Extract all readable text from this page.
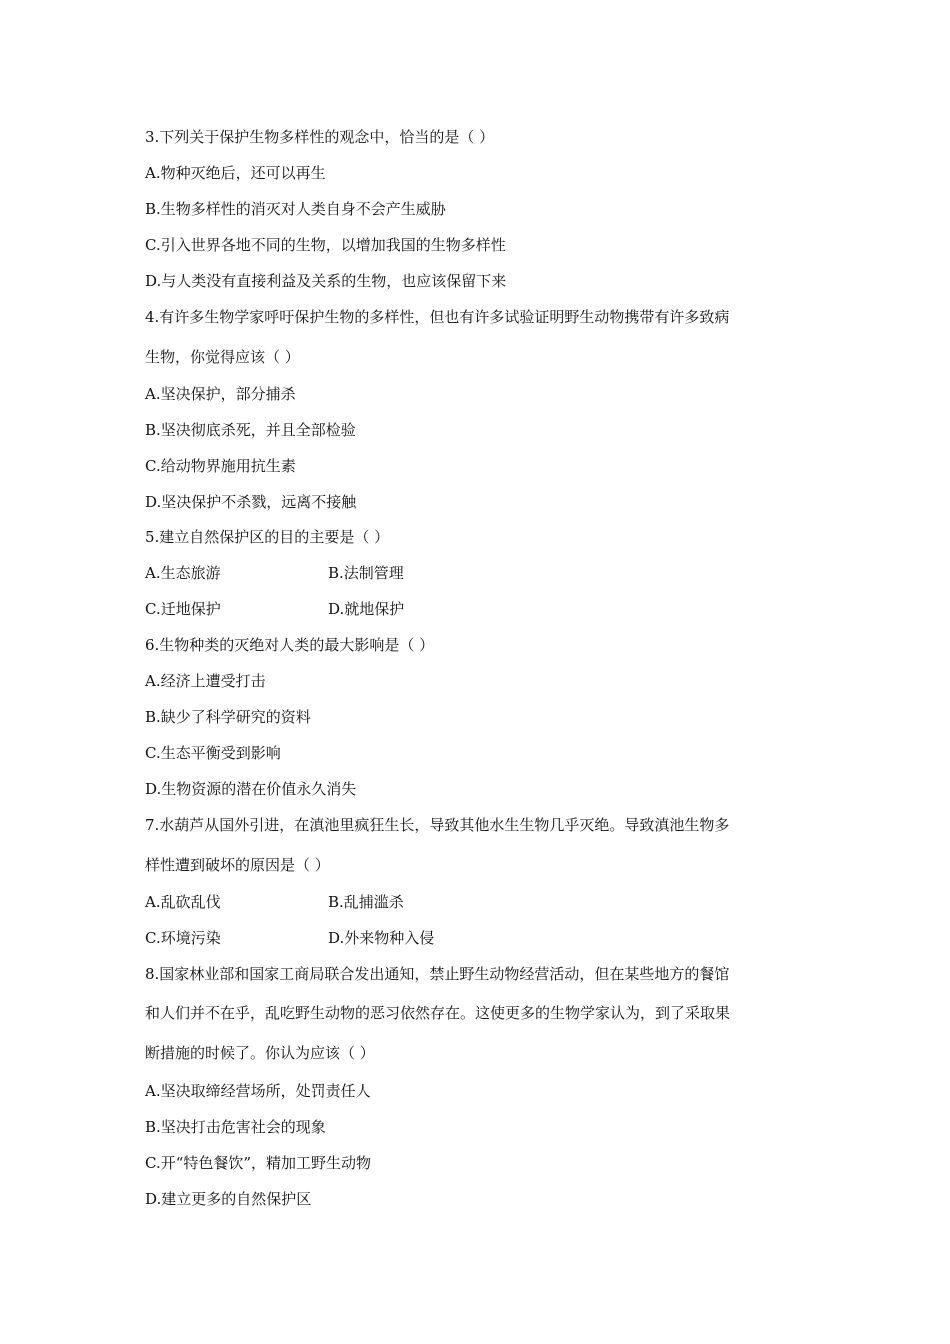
3.下列关于保护生物多样性的观念中，恰当的是（ ）
A.物种灭绝后，还可以再生
B.生物多样性的消灭对人类自身不会产生威胁
C.引入世界各地不同的生物，以增加我国的生物多样性
D.与人类没有直接利益及关系的生物，也应该保留下来
4.有许多生物学家呼吁保护生物的多样性，但也有许多试验证明野生动物携带有许多致病
生物，你觉得应该（ ）
A.坚决保护，部分捕杀
B.坚决彻底杀死，并且全部检验
C.给动物界施用抗生素
D.坚决保护不杀戮，远离不接触
5.建立自然保护区的目的主要是（ ）
A.生态旅游	B.法制管理
C.迁地保护	D.就地保护
6.生物种类的灭绝对人类的最大影响是（ ）
A.经济上遭受打击
B.缺少了科学研究的资料
C.生态平衡受到影响
D.生物资源的潜在价值永久消失
7.水葫芦从国外引进，在滇池里疯狂生长，导致其他水生生物几乎灭绝。导致滇池生物多
样性遭到破坏的原因是（ ）
A.乱砍乱伐	B.乱捕滥杀
C.环境污染	D.外来物种入侵
8.国家林业部和国家工商局联合发出通知，禁止野生动物经营活动，但在某些地方的餐馆
和人们并不在乎，乱吃野生动物的恶习依然存在。这使更多的生物学家认为，到了采取果
断措施的时候了。你认为应该（ ）
A.坚决取缔经营场所，处罚责任人
B.坚决打击危害社会的现象
C.开“特色餐饮”，精加工野生动物
D.建立更多的自然保护区
